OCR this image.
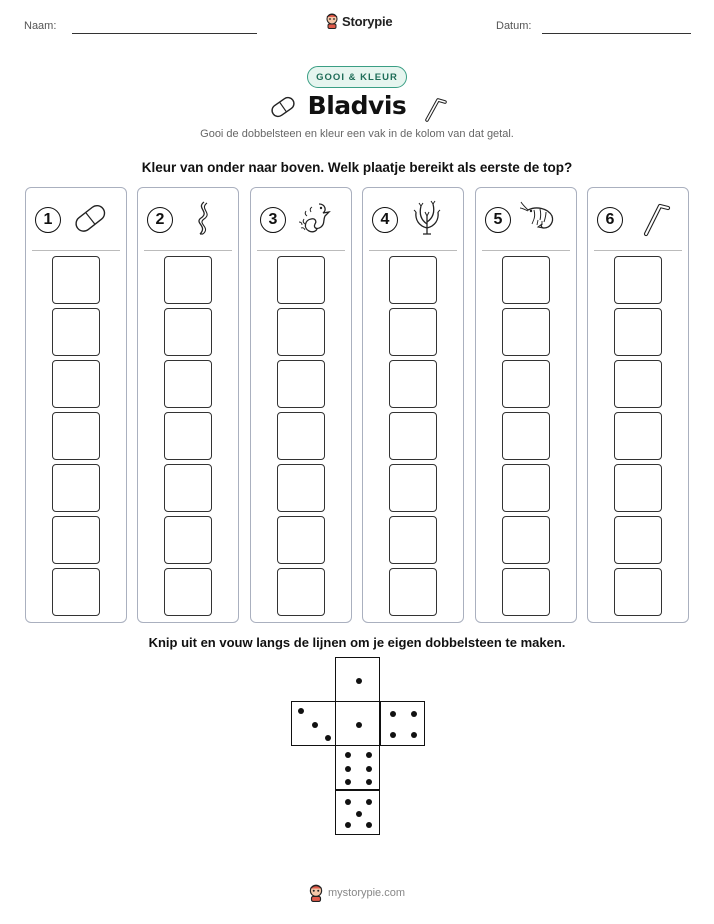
Naam:	Storypie	Datum:
GOOI & KLEUR
Bladvis
Gooi de dobbelsteen en kleur een vak in de kolom van dat getal.
Kleur van onder naar boven. Welk plaatje bereikt als eerste de top?
1	2	3	4	5	6
Knip uit en vouw langs de lijnen om je eigen dobbelsteen te maken.
mystorypie.com
